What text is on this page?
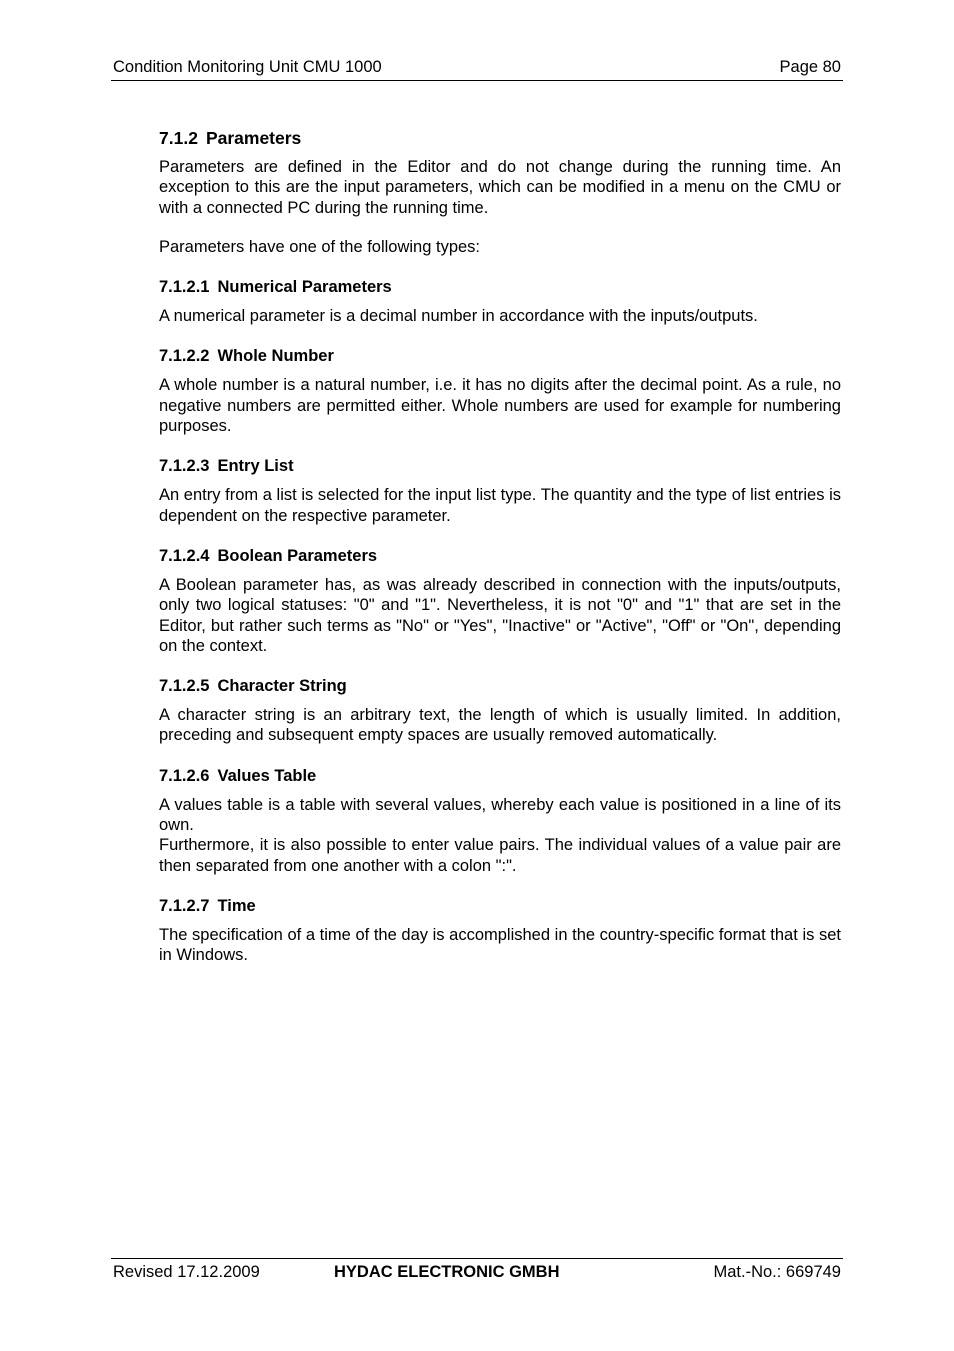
Condition Monitoring Unit CMU 1000	Page 80
7.1.2 Parameters

Parameters are defined in the Editor and do not change during the running time. An exception to this are the input parameters, which can be modified in a menu on the CMU or with a connected PC during the running time.

Parameters have one of the following types:

7.1.2.1 Numerical Parameters

A numerical parameter is a decimal number in accordance with the inputs/outputs.

7.1.2.2 Whole Number

A whole number is a natural number, i.e. it has no digits after the decimal point. As a rule, no negative numbers are permitted either. Whole numbers are used for example for numbering purposes.

7.1.2.3 Entry List

An entry from a list is selected for the input list type. The quantity and the type of list entries is dependent on the respective parameter.

7.1.2.4 Boolean Parameters

A Boolean parameter has, as was already described in connection with the inputs/outputs, only two logical statuses: "0" and "1". Nevertheless, it is not "0" and "1" that are set in the Editor, but rather such terms as "No" or "Yes", "Inactive" or "Active", "Off" or "On", depending on the context.

7.1.2.5 Character String

A character string is an arbitrary text, the length of which is usually limited. In addition, preceding and subsequent empty spaces are usually removed automatically.

7.1.2.6 Values Table

A values table is a table with several values, whereby each value is positioned in a line of its own.

Furthermore, it is also possible to enter value pairs. The individual values of a value pair are then separated from one another with a colon ":".

7.1.2.7 Time

The specification of a time of the day is accomplished in the country-specific format that is set in Windows.

Revised 17.12.2009	HYDAC ELECTRONIC GMBH	Mat.-No.: 669749
